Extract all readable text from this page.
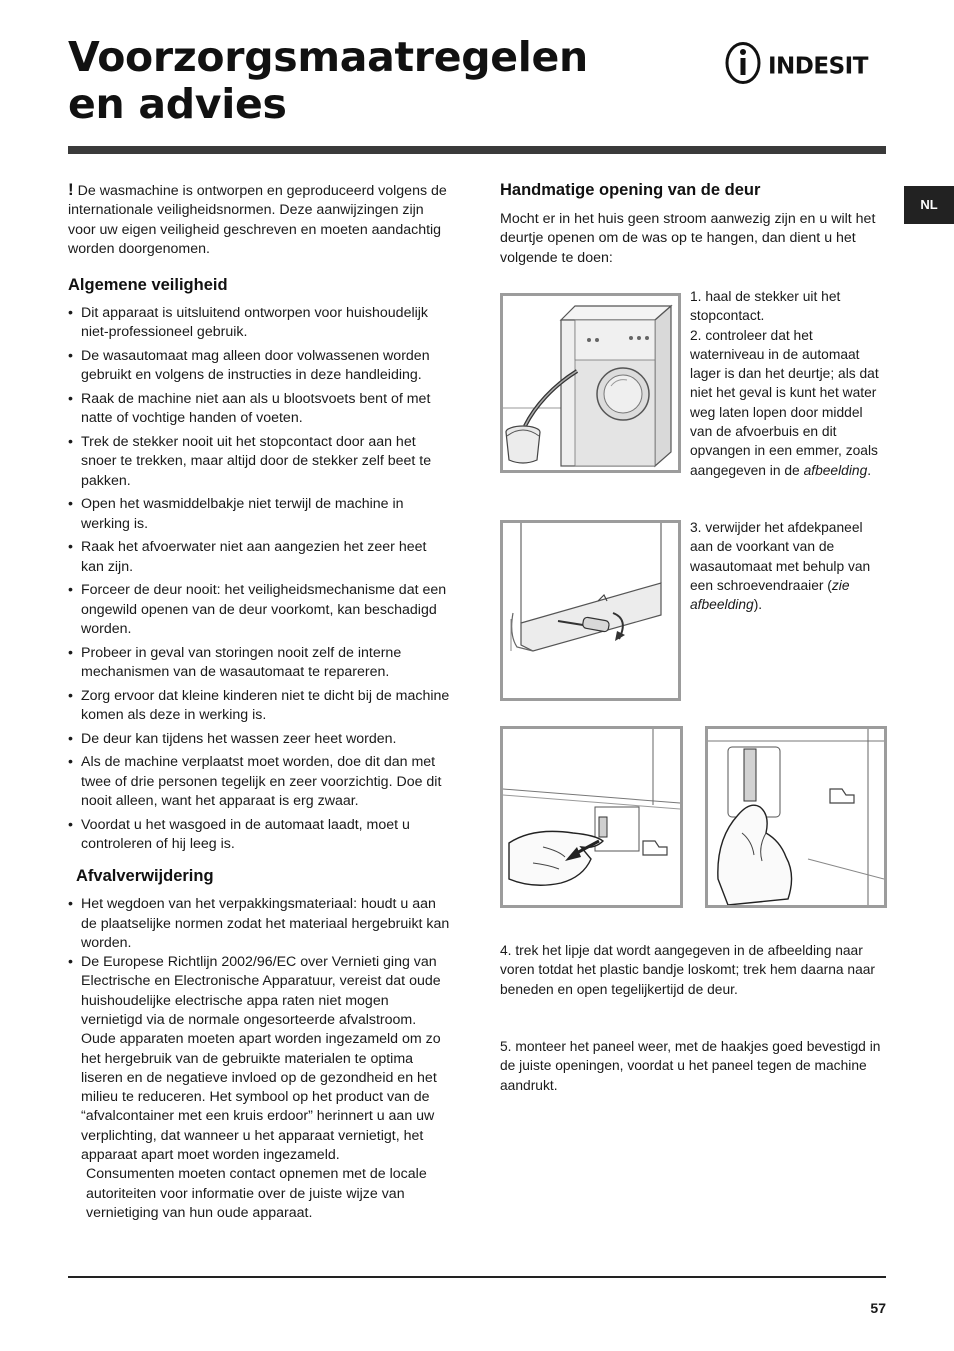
Voorzorgsmaatregelen
en advies
INDESIT
NL

! De wasmachine is ontworpen en geproduceerd volgens de internationale veiligheidsnormen. Deze aanwijzingen zijn voor uw eigen veiligheid geschreven en moeten aandachtig worden doorgenomen.

Algemene veiligheid
• Dit apparaat is uitsluitend ontworpen voor huishoudelijk niet-professioneel gebruik.
• De wasautomaat mag alleen door volwassenen worden gebruikt en volgens de instructies in deze handleiding.
• Raak de machine niet aan als u blootsvoets bent of met natte of vochtige handen of voeten.
• Trek de stekker nooit uit het stopcontact door aan het snoer te trekken, maar altijd door de stekker zelf beet te pakken.
• Open het wasmiddelbakje niet terwijl de machine in werking is.
• Raak het afvoerwater niet aan aangezien het zeer heet kan zijn.
• Forceer de deur nooit: het veiligheidsmechanisme dat een ongewild openen van de deur voorkomt, kan beschadigd worden.
• Probeer in geval van storingen nooit zelf de interne mechanismen van de wasautomaat te repareren.
• Zorg ervoor dat kleine kinderen niet te dicht bij de machine komen als deze in werking is.
• De deur kan tijdens het wassen zeer heet worden.
• Als de machine verplaatst moet worden, doe dit dan met twee of drie personen tegelijk en zeer voorzichtig. Doe dit nooit alleen, want het apparaat is erg zwaar.
• Voordat u het wasgoed in de automaat laadt, moet u controleren of hij leeg is.
Afvalverwijdering
• Het wegdoen van het verpakkingsmateriaal: houdt u aan de plaatselijke normen zodat het materiaal hergebruikt kan worden.
• De Europese Richtlijn 2002/96/EC over Vernieti ging van Electrische en Electronische Apparatuur, vereist dat oude huishoudelijke electrische appa raten niet mogen vernietigd via de normale ongesorteerde afvalstroom. Oude apparaten moeten apart worden ingezameld om zo het hergebruik van de gebruikte materialen te optima liseren en de negatieve invloed op de gezondheid en het milieu te reduceren. Het symbool op het product van de “afvalcontainer met een kruis erdoor” herinnert u aan uw verplichting, dat wanneer u het apparaat vernietigt, het apparaat apart moet worden ingezameld.

Consumenten moeten contact opnemen met de locale autoriteiten voor informatie over de juiste wijze van vernietiging van hun oude apparaat.

Handmatige opening van de deur

Mocht er in het huis geen stroom aanwezig zijn en u wilt het deurtje openen om de was op te hangen, dan dient u het volgende te doen:

1. haal de stekker uit het stopcontact.
2. controleer dat het waterniveau in de automaat lager is dan het deurtje; als dat niet het geval is kunt het water weg laten lopen door middel van de afvoerbuis en dit opvangen in een emmer, zoals aangegeven in de afbeelding.

3. verwijder het afdekpaneel aan de voorkant van de wasautomaat met behulp van een schroevendraaier (zie afbeelding).

4. trek het lipje dat wordt aangegeven in de afbeelding naar voren totdat het plastic bandje loskomt; trek hem daarna naar beneden en open tegelijkertijd de deur.

5. monteer het paneel weer, met de haakjes goed bevestigd in de juiste openingen, voordat u het paneel tegen de machine aandrukt.

57
